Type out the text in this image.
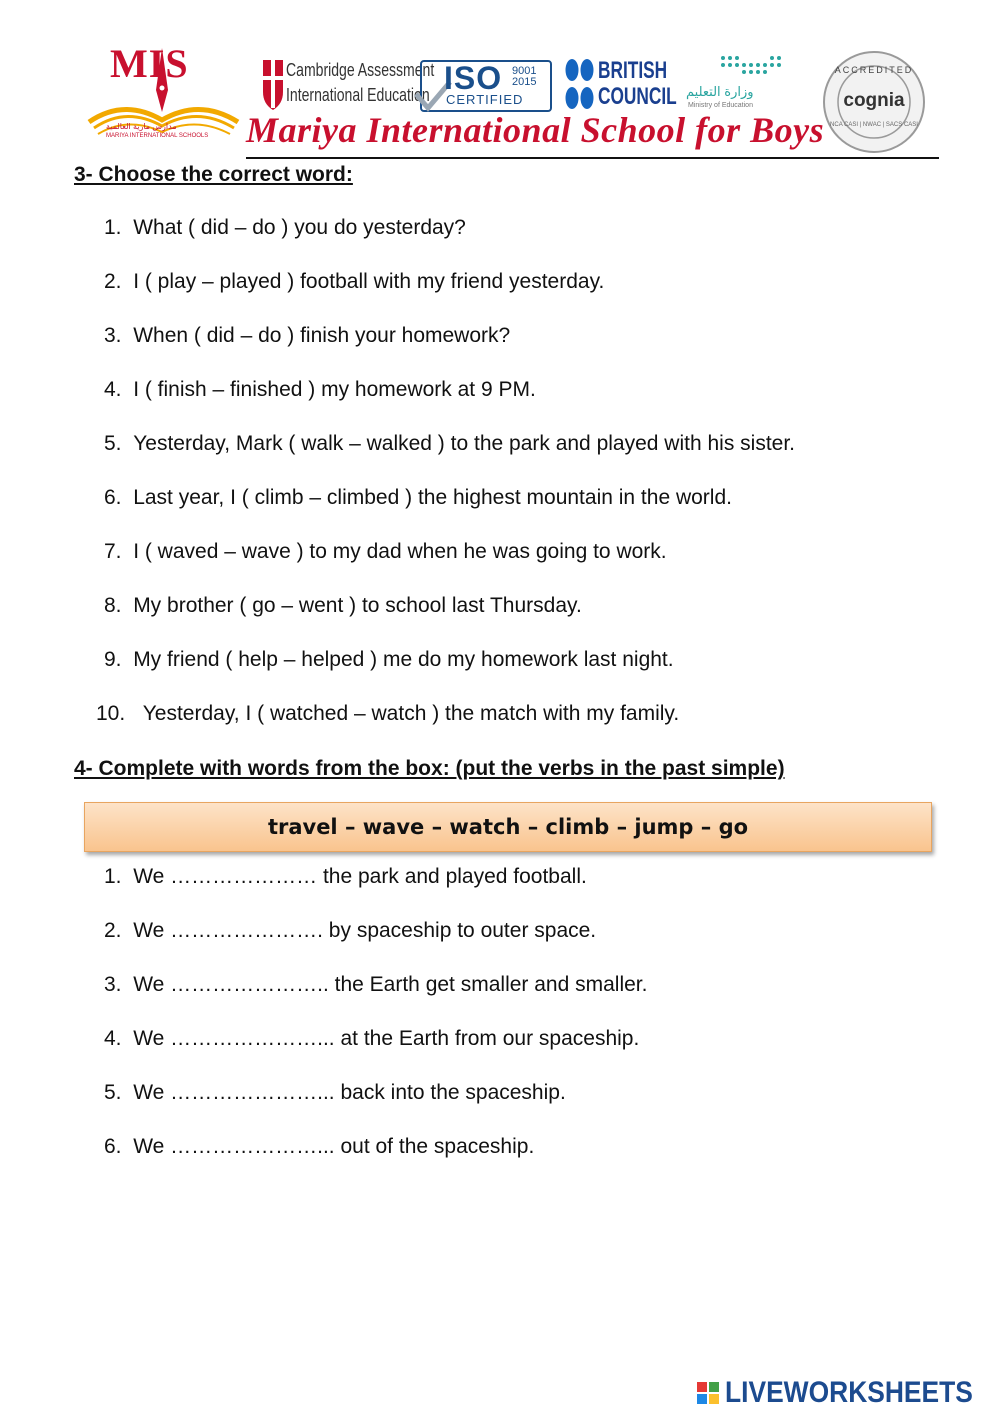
MIS
مدارس مارية العالمية
MARIYA INTERNATIONAL SCHOOLS
Cambridge Assessment
International Education ISO 9001
2015
CERTIFIED
BRITISH
COUNCIL وزارة التعليم
Ministry of Education
ACCREDITED
cognia
NCA CASI | NWAC | SACS CASI
Mariya International School for Boys
3- Choose the correct word:
1. What ( did – do ) you do yesterday?
2. I ( play – played ) football with my friend yesterday.
3. When ( did – do ) finish your homework?
4. I ( finish – finished ) my homework at 9 PM.
5. Yesterday, Mark ( walk – walked ) to the park and played with his sister.
6. Last year, I ( climb – climbed ) the highest mountain in the world.
7. I ( waved – wave ) to my dad when he was going to work.
8. My brother ( go – went ) to school last Thursday.
9. My friend ( help – helped ) me do my homework last night.
10. Yesterday, I ( watched – watch ) the match with my family.
4- Complete with words from the box: (put the verbs in the past simple)
travel – wave – watch – climb – jump – go
1. We ………………… the park and played football.
2. We …………………. by spaceship to outer space.
3. We ………………….. the Earth get smaller and smaller.
4. We …………………... at the Earth from our spaceship.
5. We …………………... back into the spaceship.
6. We …………………... out of the spaceship.
LIVEWORKSHEETS
